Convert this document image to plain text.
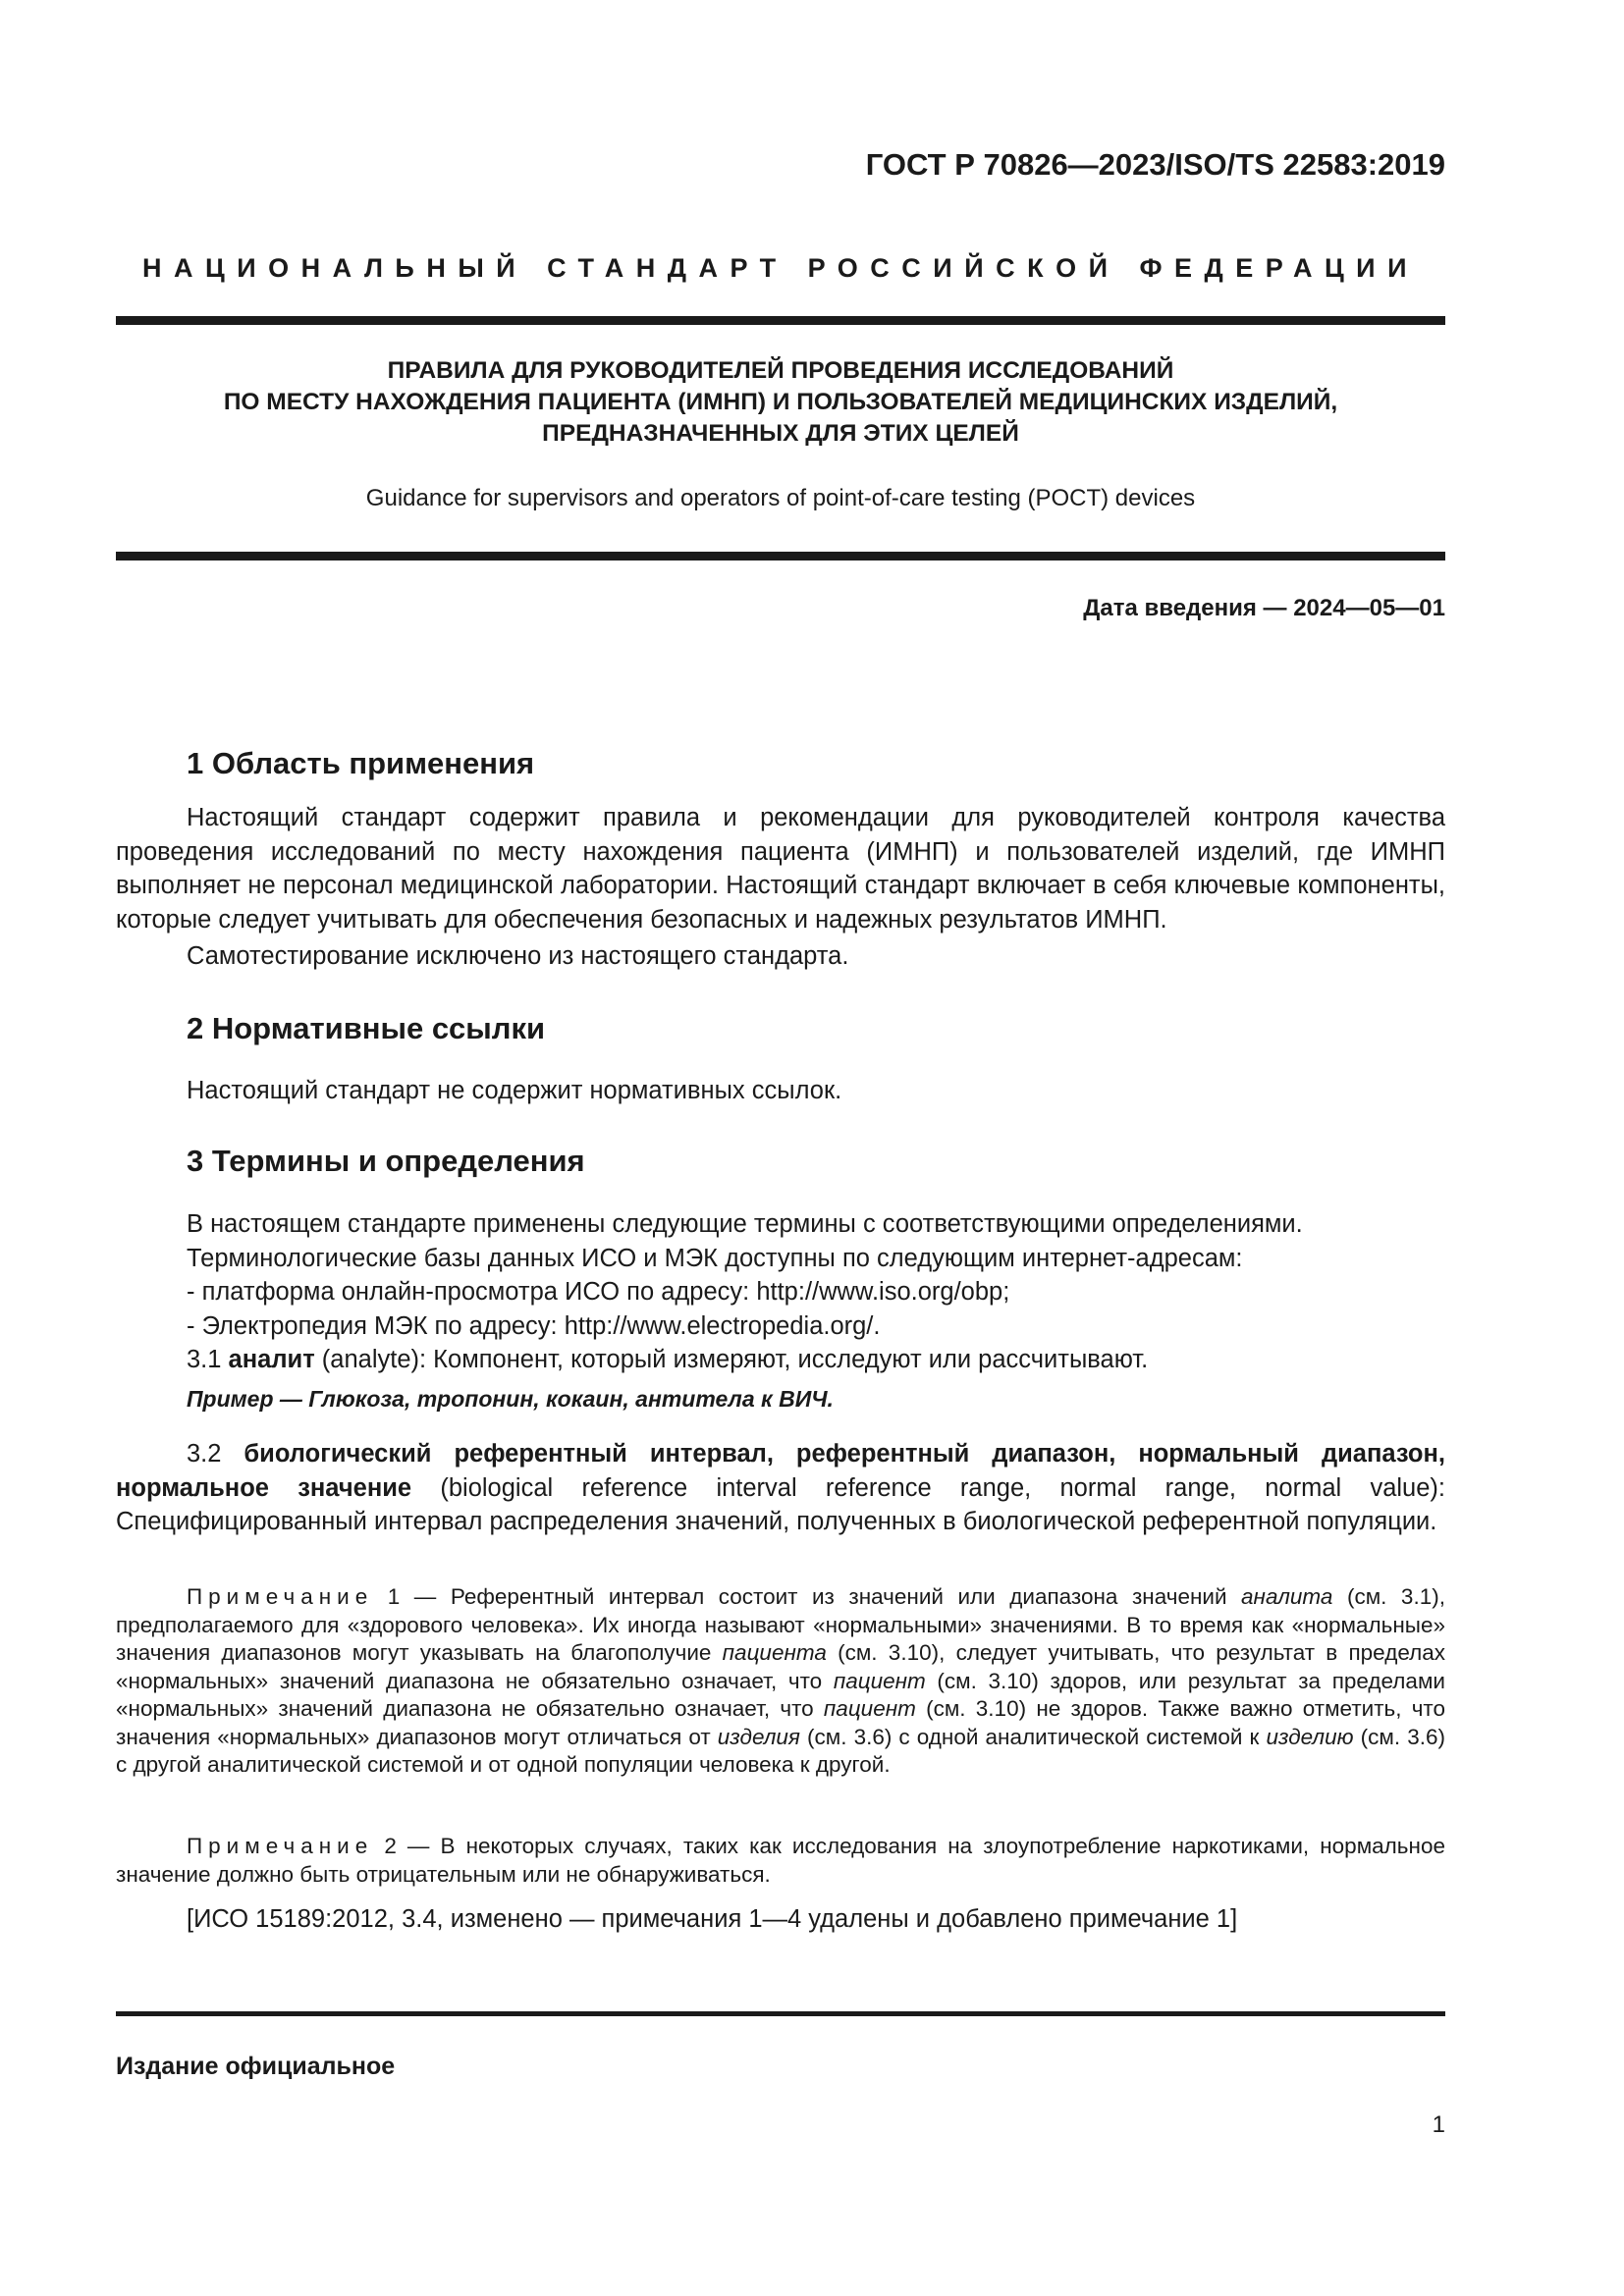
ГОСТ Р 70826—2023/ISO/TS 22583:2019
НАЦИОНАЛЬНЫЙ СТАНДАРТ РОССИЙСКОЙ ФЕДЕРАЦИИ
ПРАВИЛА ДЛЯ РУКОВОДИТЕЛЕЙ ПРОВЕДЕНИЯ ИССЛЕДОВАНИЙ
ПО МЕСТУ НАХОЖДЕНИЯ ПАЦИЕНТА (ИМНП) И ПОЛЬЗОВАТЕЛЕЙ МЕДИЦИНСКИХ ИЗДЕЛИЙ,
ПРЕДНАЗНАЧЕННЫХ ДЛЯ ЭТИХ ЦЕЛЕЙ
Guidance for supervisors and operators of point-of-care testing (POCT) devices
Дата введения — 2024—05—01
1 Область применения
Настоящий стандарт содержит правила и рекомендации для руководителей контроля качества проведения исследований по месту нахождения пациента (ИМНП) и пользователей изделий, где ИМНП выполняет не персонал медицинской лаборатории. Настоящий стандарт включает в себя ключевые компоненты, которые следует учитывать для обеспечения безопасных и надежных результатов ИМНП.
Самотестирование исключено из настоящего стандарта.
2 Нормативные ссылки
Настоящий стандарт не содержит нормативных ссылок.
3 Термины и определения
В настоящем стандарте применены следующие термины с соответствующими определениями.
Терминологические базы данных ИСО и МЭК доступны по следующим интернет-адресам:
- платформа онлайн-просмотра ИСО по адресу: http://www.iso.org/obp;
- Электропедия МЭК по адресу: http://www.electropedia.org/.
3.1 аналит (analyte): Компонент, который измеряют, исследуют или рассчитывают.
Пример — Глюкоза, тропонин, кокаин, антитела к ВИЧ.
3.2 биологический референтный интервал, референтный диапазон, нормальный диапазон, нормальное значение (biological reference interval reference range, normal range, normal value): Специфицированный интервал распределения значений, полученных в биологической референтной популяции.
Примечание 1 — Референтный интервал состоит из значений или диапазона значений аналита (см. 3.1), предполагаемого для «здорового человека». Их иногда называют «нормальными» значениями. В то время как «нормальные» значения диапазонов могут указывать на благополучие пациента (см. 3.10), следует учитывать, что результат в пределах «нормальных» значений диапазона не обязательно означает, что пациент (см. 3.10) здоров, или результат за пределами «нормальных» значений диапазона не обязательно означает, что пациент (см. 3.10) не здоров. Также важно отметить, что значения «нормальных» диапазонов могут отличаться от изделия (см. 3.6) с одной аналитической системой к изделию (см. 3.6) с другой аналитической системой и от одной популяции человека к другой.
Примечание 2 — В некоторых случаях, таких как исследования на злоупотребление наркотиками, нормальное значение должно быть отрицательным или не обнаруживаться.
[ИСО 15189:2012, 3.4, изменено — примечания 1—4 удалены и добавлено примечание 1]
Издание официальное
1
